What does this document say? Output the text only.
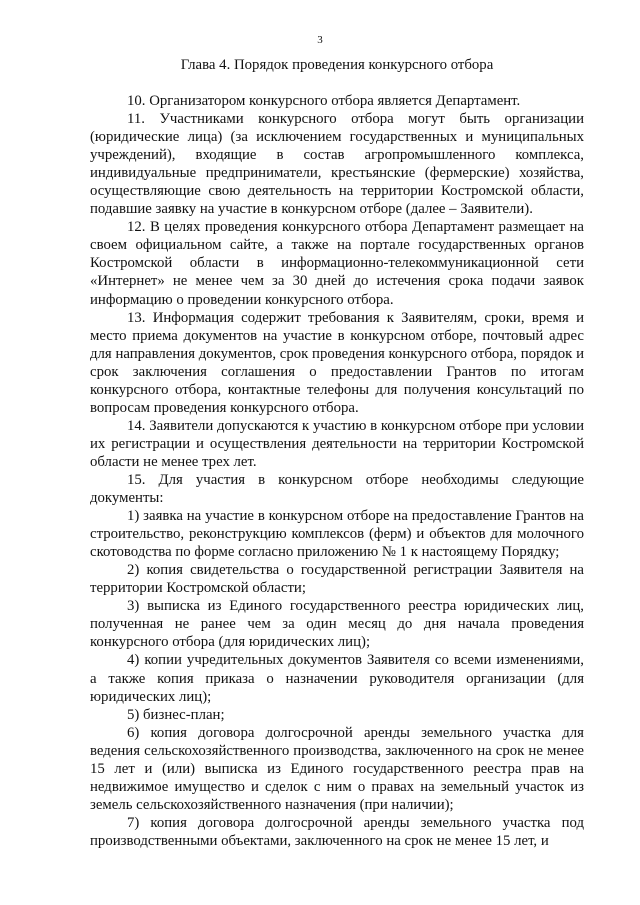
3
Глава 4. Порядок проведения конкурсного отбора

10. Организатором конкурсного отбора является Департамент.

11. Участниками конкурсного отбора могут быть организации (юридические лица) (за исключением государственных и муниципальных учреждений), входящие в состав агропромышленного комплекса, индивидуальные предприниматели, крестьянские (фермерские) хозяйства, осуществляющие свою деятельность на территории Костромской области, подавшие заявку на участие в конкурсном отборе (далее – Заявители).

12. В целях проведения конкурсного отбора Департамент размещает на своем официальном сайте, а также на портале государственных органов Костромской области в информационно-телекоммуникационной сети «Интернет» не менее чем за 30 дней до истечения срока подачи заявок информацию о проведении конкурсного отбора.

13. Информация содержит требования к Заявителям, сроки, время и место приема документов на участие в конкурсном отборе, почтовый адрес для направления документов, срок проведения конкурсного отбора, порядок и срок заключения соглашения о предоставлении Грантов по итогам конкурсного отбора, контактные телефоны для получения консультаций по вопросам проведения конкурсного отбора.

14. Заявители допускаются к участию в конкурсном отборе при условии их регистрации и осуществления деятельности на территории Костромской области не менее трех лет.

15. Для участия в конкурсном отборе необходимы следующие документы:

1) заявка на участие в конкурсном отборе на предоставление Грантов на строительство, реконструкцию комплексов (ферм) и объектов для молочного скотоводства по форме согласно приложению № 1 к настоящему Порядку;

2) копия свидетельства о государственной регистрации Заявителя на территории Костромской области;

3) выписка из Единого государственного реестра юридических лиц, полученная не ранее чем за один месяц до дня начала проведения конкурсного отбора (для юридических лиц);

4) копии учредительных документов Заявителя со всеми изменениями, а также копия приказа о назначении руководителя организации (для юридических лиц);

5) бизнес-план;

6) копия договора долгосрочной аренды земельного участка для ведения сельскохозяйственного производства, заключенного на срок не менее 15 лет и (или) выписка из Единого государственного реестра прав на недвижимое имущество и сделок с ним о правах на земельный участок из земель сельскохозяйственного назначения (при наличии);

7) копия договора долгосрочной аренды земельного участка под производственными объектами, заключенного на срок не менее 15 лет, и
